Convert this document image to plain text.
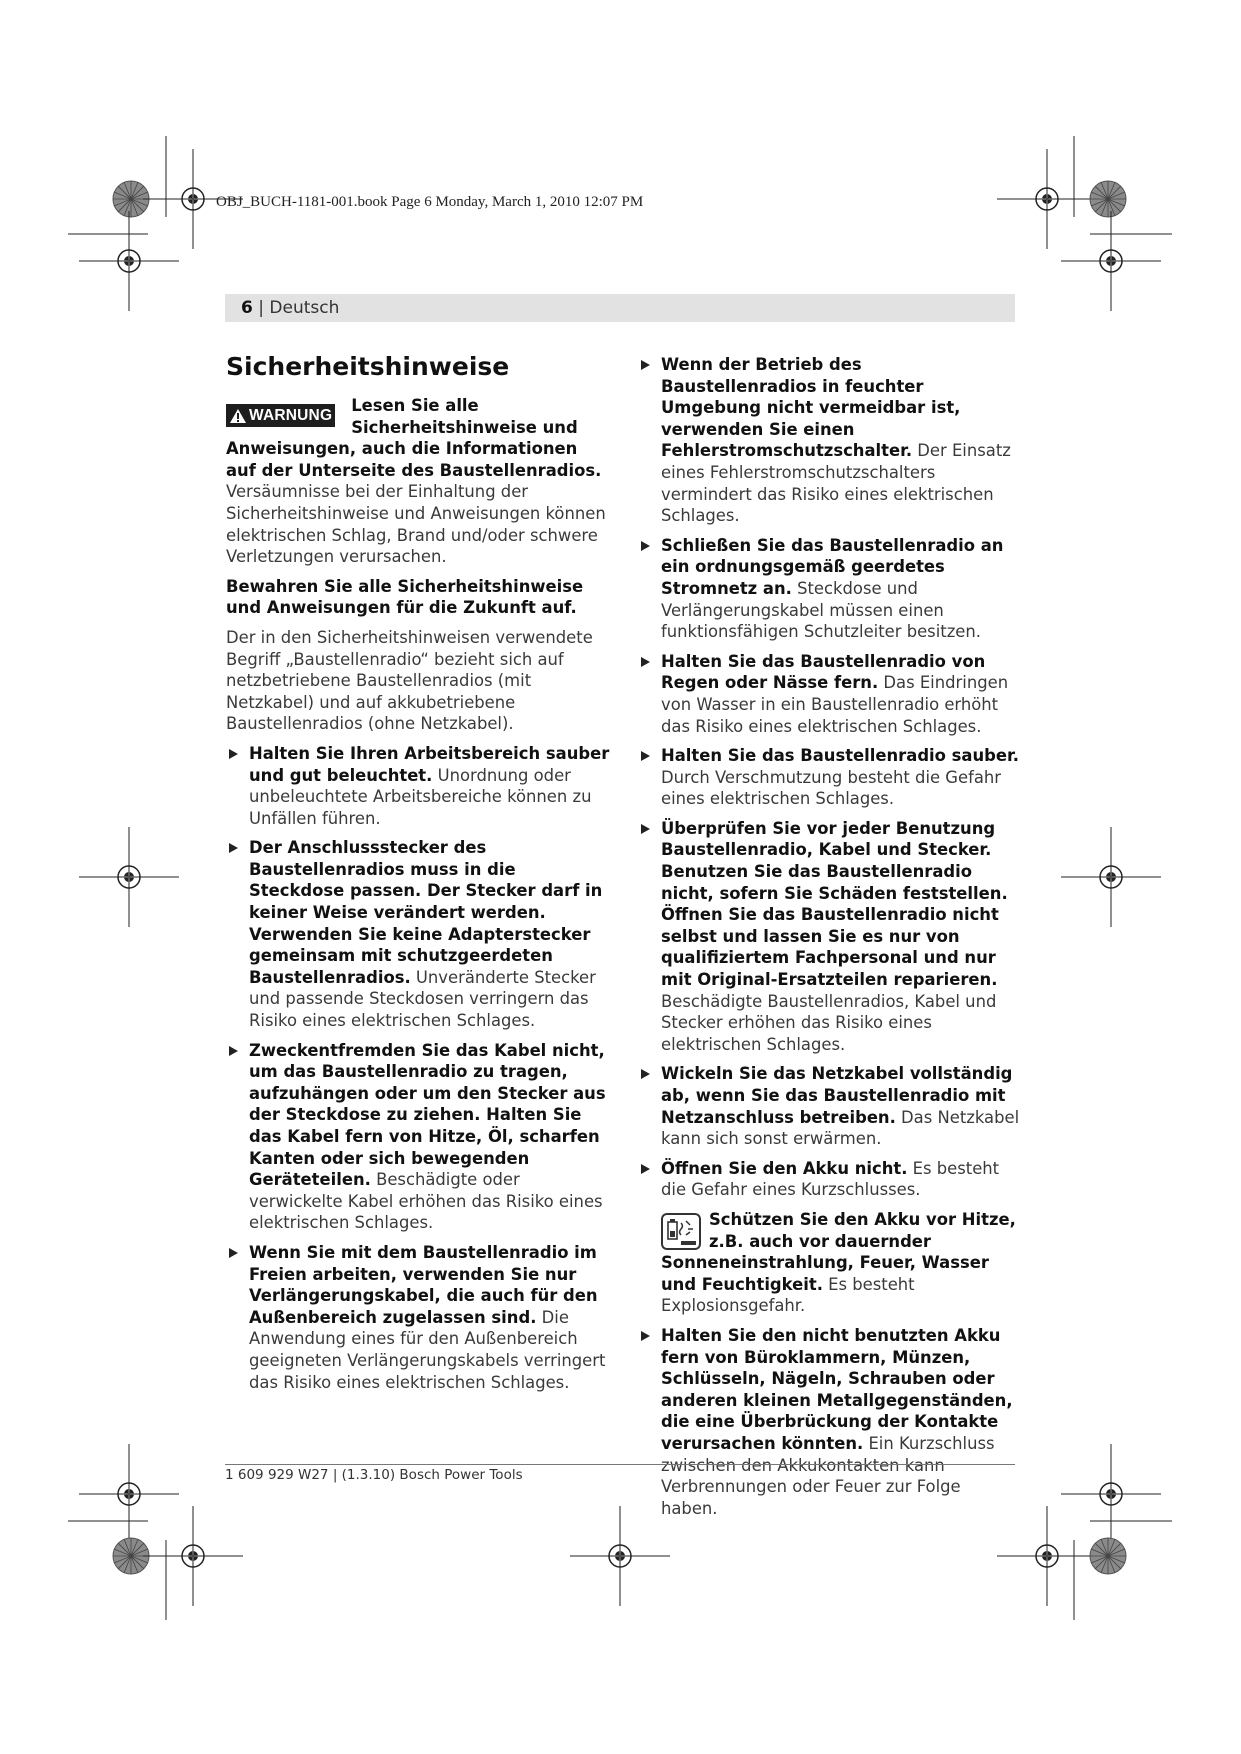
OBJ_BUCH-1181-001.book Page 6 Monday, March 1, 2010 12:07 PM
6 | Deutsch
Sicherheitshinweise

WARNUNG
Lesen Sie alle Sicherheitshinweise und Anweisungen, auch die Informationen auf der Unterseite des Baustellenradios. Versäumnisse bei der Einhaltung der Sicherheitshinweise und Anweisungen können elektrischen Schlag, Brand und/oder schwere Verletzungen verursachen.

Bewahren Sie alle Sicherheitshinweise und Anweisungen für die Zukunft auf.

Der in den Sicherheitshinweisen verwendete Begriff „Baustellenradio“ bezieht sich auf netzbetriebene Baustellenradios (mit Netzkabel) und auf akkubetriebene Baustellenradios (ohne Netzkabel).

Halten Sie Ihren Arbeitsbereich sauber und gut beleuchtet. Unordnung oder unbeleuchtete Arbeitsbereiche können zu Unfällen führen.
Der Anschlussstecker des Baustellenradios muss in die Steckdose passen. Der Stecker darf in keiner Weise verändert werden. Verwenden Sie keine Adapterstecker gemeinsam mit schutzgeerdeten Baustellenradios. Unveränderte Stecker und passende Steckdosen verringern das Risiko eines elektrischen Schlages.
Zweckentfremden Sie das Kabel nicht, um das Baustellenradio zu tragen, aufzuhängen oder um den Stecker aus der Steckdose zu ziehen. Halten Sie das Kabel fern von Hitze, Öl, scharfen Kanten oder sich bewegenden Geräteteilen. Beschädigte oder verwickelte Kabel erhöhen das Risiko eines elektrischen Schlages.
Wenn Sie mit dem Baustellenradio im Freien arbeiten, verwenden Sie nur Verlängerungskabel, die auch für den Außenbereich zugelassen sind. Die Anwendung eines für den Außenbereich geeigneten Verlängerungskabels verringert das Risiko eines elektrischen Schlages.
Wenn der Betrieb des Baustellenradios in feuchter Umgebung nicht vermeidbar ist, verwenden Sie einen Fehlerstromschutzschalter. Der Einsatz eines Fehlerstromschutzschalters vermindert das Risiko eines elektrischen Schlages.
Schließen Sie das Baustellenradio an ein ordnungsgemäß geerdetes Stromnetz an. Steckdose und Verlängerungskabel müssen einen funktionsfähigen Schutzleiter besitzen.
Halten Sie das Baustellenradio von Regen oder Nässe fern. Das Eindringen von Wasser in ein Baustellenradio erhöht das Risiko eines elektrischen Schlages.
Halten Sie das Baustellenradio sauber. Durch Verschmutzung besteht die Gefahr eines elektrischen Schlages.
Überprüfen Sie vor jeder Benutzung Baustellenradio, Kabel und Stecker. Benutzen Sie das Baustellenradio nicht, sofern Sie Schäden feststellen. Öffnen Sie das Baustellenradio nicht selbst und lassen Sie es nur von qualifiziertem Fachpersonal und nur mit Original-Ersatzteilen reparieren. Beschädigte Baustellenradios, Kabel und Stecker erhöhen das Risiko eines elektrischen Schlages.
Wickeln Sie das Netzkabel vollständig ab, wenn Sie das Baustellenradio mit Netzanschluss betreiben. Das Netzkabel kann sich sonst erwärmen.
Öffnen Sie den Akku nicht. Es besteht die Gefahr eines Kurzschlusses.
Schützen Sie den Akku vor Hitze, z.B. auch vor dauernder Sonneneinstrahlung, Feuer, Wasser und Feuchtigkeit. Es besteht Explosionsgefahr.
Halten Sie den nicht benutzten Akku fern von Büroklammern, Münzen, Schlüsseln, Nägeln, Schrauben oder anderen kleinen Metallgegenständen, die eine Überbrückung der Kontakte verursachen könnten. Ein Kurzschluss zwischen den Akkukontakten kann Verbrennungen oder Feuer zur Folge haben.
1 609 929 W27 | (1.3.10) Bosch Power Tools
